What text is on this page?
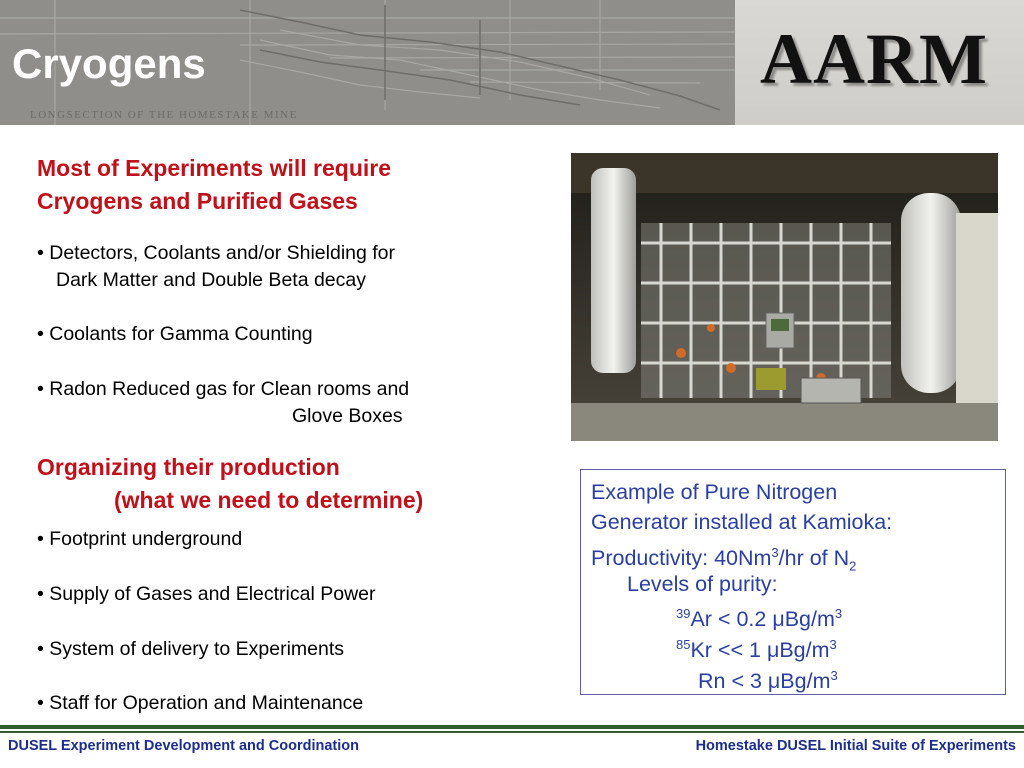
Cryogens
LONGSECTION OF THE HOMESTAKE MINE
AARM
Most of Experiments will require
Cryogens and Purified Gases
• Detectors, Coolants and/or Shielding for
Dark Matter and Double Beta decay
• Coolants for Gamma Counting
• Radon Reduced gas for Clean rooms and
Glove Boxes
Organizing their production
(what we need to determine)
• Footprint underground
• Supply of Gases and Electrical Power
• System of delivery to Experiments
• Staff for Operation and Maintenance
Example of Pure Nitrogen
Generator installed at Kamioka:
Productivity: 40Nm$^3$/hr of $N_2$
Levels of purity:
$^{39}$Ar < 0.2 μBg/$m^3$
$^{85}$Kr << 1 μBg/$m^3$
Rn < 3 μBg/$m^3$
DUSEL Experiment Development and Coordination	Homestake DUSEL Initial Suite of Experiments
